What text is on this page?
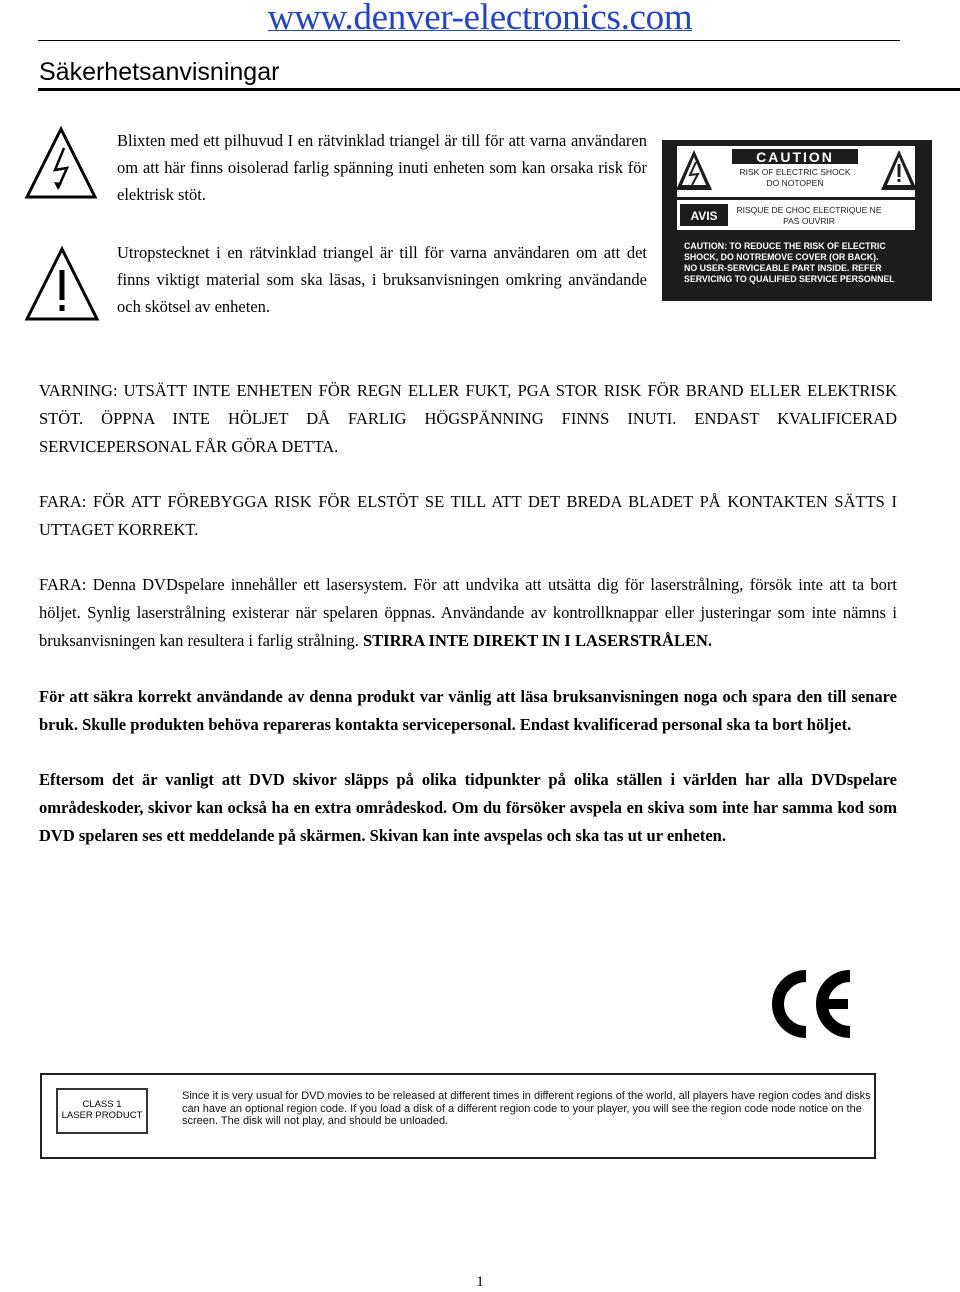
www.denver-electronics.com
Säkerhetsanvisningar
Blixten med ett pilhuvud I en rätvinklad triangel är till för att varna användaren om att här finns oisolerad farlig spänning inuti enheten som kan orsaka risk för elektrisk stöt.
Utropstecknet i en rätvinklad triangel är till för varna användaren om att det finns viktigt material som ska läsas, i bruksanvisningen omkring användande och skötsel av enheten.
CAUTION
RISK OF ELECTRIC SHOCK
DO NOTOPEN
AVIS RISQUE DE CHOC ELECTRIQUE NE
PAS OUVRIR
CAUTION: TO REDUCE THE RISK OF ELECTRIC
SHOCK, DO NOTREMOVE COVER (OR BACK).
NO USER-SERVICEABLE PART INSIDE. REFER
SERVICING TO QUALIFIED SERVICE PERSONNEL
VARNING: UTSÄTT INTE ENHETEN FÖR REGN ELLER FUKT, PGA STOR RISK FÖR BRAND ELLER ELEKTRISK STÖT. ÖPPNA INTE HÖLJET DÅ FARLIG HÖGSPÄNNING FINNS INUTI. ENDAST KVALIFICERAD SERVICEPERSONAL FÅR GÖRA DETTA.
FARA: FÖR ATT FÖREBYGGA RISK FÖR ELSTÖT SE TILL ATT DET BREDA BLADET PÅ KONTAKTEN SÄTTS I UTTAGET KORREKT.
FARA: Denna DVDspelare innehåller ett lasersystem. För att undvika att utsätta dig för laserstrålning, försök inte att ta bort höljet. Synlig laserstrålning existerar när spelaren öppnas. Användande av kontrollknappar eller justeringar som inte nämns i bruksanvisningen kan resultera i farlig strålning. STIRRA INTE DIREKT IN I LASERSTRÅLEN.
För att säkra korrekt användande av denna produkt var vänlig att läsa bruksanvisningen noga och spara den till senare bruk. Skulle produkten behöva repareras kontakta servicepersonal. Endast kvalificerad personal ska ta bort höljet.
Eftersom det är vanligt att DVD skivor släpps på olika tidpunkter på olika ställen i världen har alla DVDspelare områdeskoder, skivor kan också ha en extra områdeskod. Om du försöker avspela en skiva som inte har samma kod som DVD spelaren ses ett meddelande på skärmen. Skivan kan inte avspelas och ska tas ut ur enheten.
CLASS 1
LASER PRODUCT
Since it is very usual for DVD movies to be released at different times in different regions of the world, all players have region codes and disks can have an optional region code. If you load a disk of a different region code to your player, you will see the region code node notice on the screen. The disk will not play, and should be unloaded.
1
